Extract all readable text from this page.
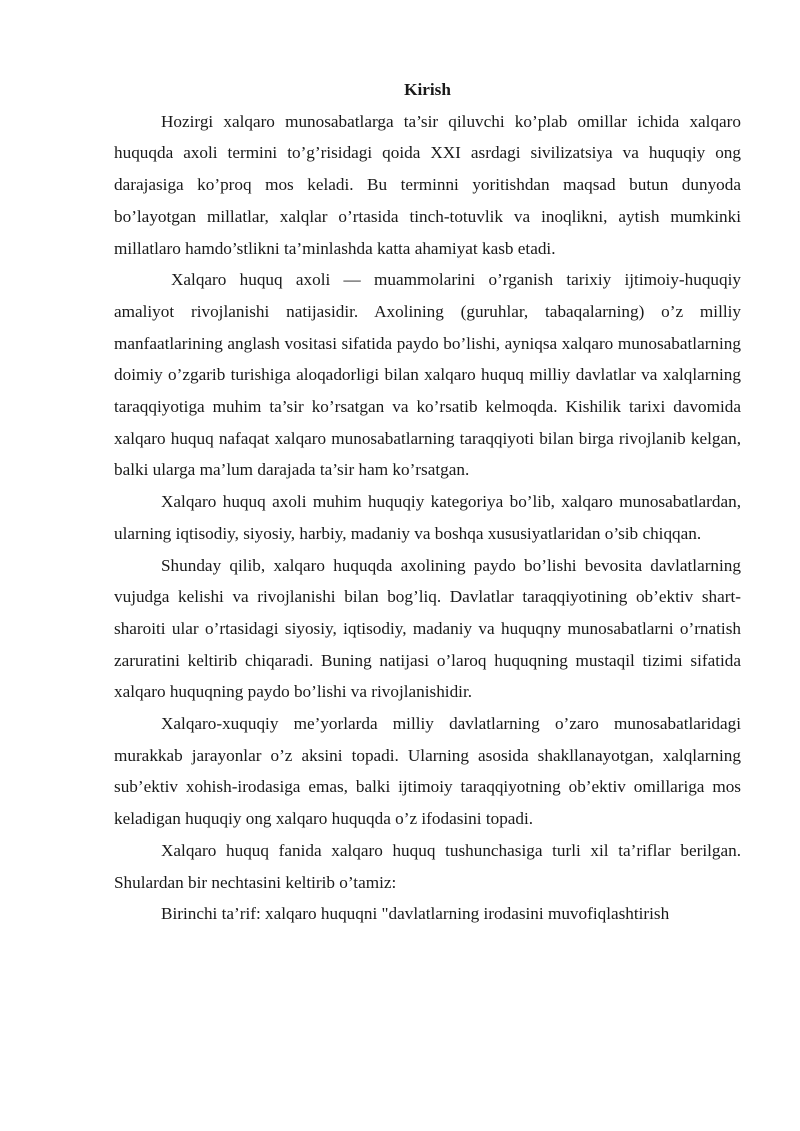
Kirish

Hozirgi xalqaro munosabatlarga ta’sir qiluvchi ko’plab omillar ichida xalqaro huquqda axoli termini to’g’risidagi qoida XXI asrdagi sivilizatsiya va huquqiy ong darajasiga ko’proq mos keladi. Bu terminni yoritishdan maqsad butun dunyoda bo’layotgan millatlar, xalqlar o’rtasida tinch-totuvlik va inoqlikni, aytish mumkinki millatlaro hamdo’stlikni ta’minlashda katta ahamiyat kasb etadi.

Xalqaro huquq axoli — muammolarini o’rganish tarixiy ijtimoiy-huquqiy amaliyot rivojlanishi natijasidir. Axolining (guruhlar, tabaqalarning) o’z milliy manfaatlarining anglash vositasi sifatida paydo bo’lishi, ayniqsa xalqaro munosabatlarning doimiy o’zgarib turishiga aloqadorligi bilan xalqaro huquq milliy davlatlar va xalqlarning taraqqiyotiga muhim ta’sir ko’rsatgan va ko’rsatib kelmoqda. Kishilik tarixi davomida xalqaro huquq nafaqat xalqaro munosabatlarning taraqqiyoti bilan birga rivojlanib kelgan, balki ularga ma’lum darajada ta’sir ham ko’rsatgan.

Xalqaro huquq axoli muhim huquqiy kategoriya bo’lib, xalqaro munosabatlardan, ularning iqtisodiy, siyosiy, harbiy, madaniy va boshqa xususiyatlaridan o’sib chiqqan.

Shunday qilib, xalqaro huquqda axolining paydo bo’lishi bevosita davlatlarning vujudga kelishi va rivojlanishi bilan bog’liq. Davlatlar taraqqiyotining ob’ektiv shart-sharoiti ular o’rtasidagi siyosiy, iqtisodiy, madaniy va huquqny munosabatlarni o’rnatish zaruratini keltirib chiqaradi. Buning natijasi o’laroq huquqning mustaqil tizimi sifatida xalqaro huquqning paydo bo’lishi va rivojlanishidir.

Xalqaro-xuquqiy me’yorlarda milliy davlatlarning o’zaro munosabatlaridagi murakkab jarayonlar o’z aksini topadi. Ularning asosida shakllanayotgan, xalqlarning sub’ektiv xohish-irodasiga emas, balki ijtimoiy taraqqiyotning ob’ektiv omillariga mos keladigan huquqiy ong xalqaro huquqda o’z ifodasini topadi.

Xalqaro huquq fanida xalqaro huquq tushunchasiga turli xil ta’riflar berilgan. Shulardan bir nechtasini keltirib o’tamiz:

Birinchi ta’rif: xalqaro huquqni "davlatlarning irodasini muvofiqlashtirish
